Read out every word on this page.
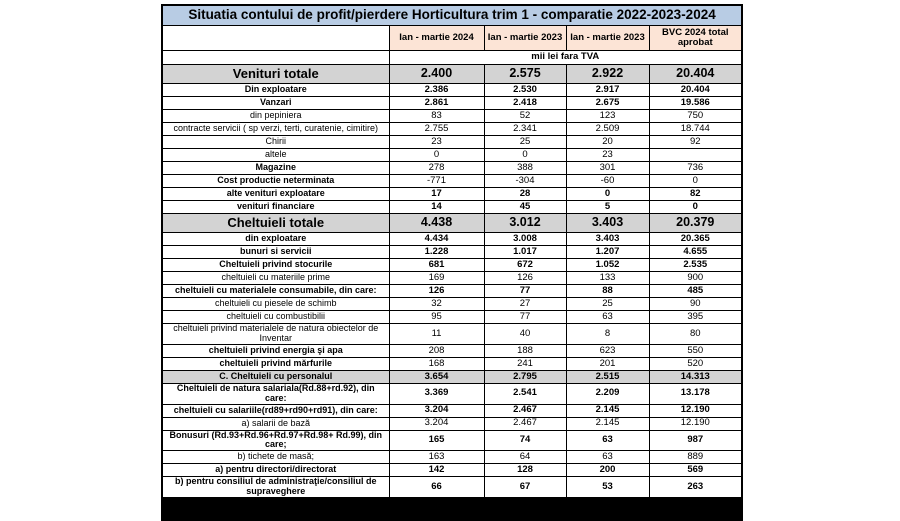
Situatia contului de profit/pierdere Horticultura trim 1 - comparatie 2022-2023-2024				
	Ian - martie 2024	Ian - martie 2023	Ian - martie 2023	BVC 2024 total aprobat
	mii lei fara TVA			
Venituri totale	2.400	2.575	2.922	20.404
Din exploatare	2.386	2.530	2.917	20.404
Vanzari	2.861	2.418	2.675	19.586
din pepiniera	83	52	123	750
contracte servicii ( sp verzi, terti, curatenie, cimitire)	2.755	2.341	2.509	18.744
Chirii	23	25	20	92
altele	0	0	23	
Magazine	278	388	301	736
Cost productie neterminata	-771	-304	-60	0
alte venituri exploatare	17	28	0	82
venituri financiare	14	45	5	0
Cheltuieli totale	4.438	3.012	3.403	20.379
din exploatare	4.434	3.008	3.403	20.365
bunuri si servicii	1.228	1.017	1.207	4.655
Cheltuieli privind stocurile	681	672	1.052	2.535
cheltuieli cu materiile prime	169	126	133	900
cheltuieli cu materialele consumabile, din care:	126	77	88	485
cheltuieli cu piesele de schimb	32	27	25	90
cheltuieli cu combustibilii	95	77	63	395
cheltuieli privind materialele de natura obiectelor de Inventar	11	40	8	80
cheltuieli privind energia şi apa	208	188	623	550
cheltuieli privind mărfurile	168	241	201	520
C. Cheltuieli cu personalul	3.654	2.795	2.515	14.313
Cheltuieli de natura salariala(Rd.88+rd.92), din care:	3.369	2.541	2.209	13.178
cheltuieli cu salariile(rd89+rd90+rd91), din care:	3.204	2.467	2.145	12.190
a) salarii de bază	3.204	2.467	2.145	12.190
Bonusuri (Rd.93+Rd.96+Rd.97+Rd.98+ Rd.99), din care;	165	74	63	987
b) tichete de masă;	163	64	63	889
a) pentru directori/directorat	142	128	200	569
b) pentru consiliul de administraţie/consiliul de supraveghere	66	67	53	263
Profit/pierdere brut	-2.038	-436	-481	25
